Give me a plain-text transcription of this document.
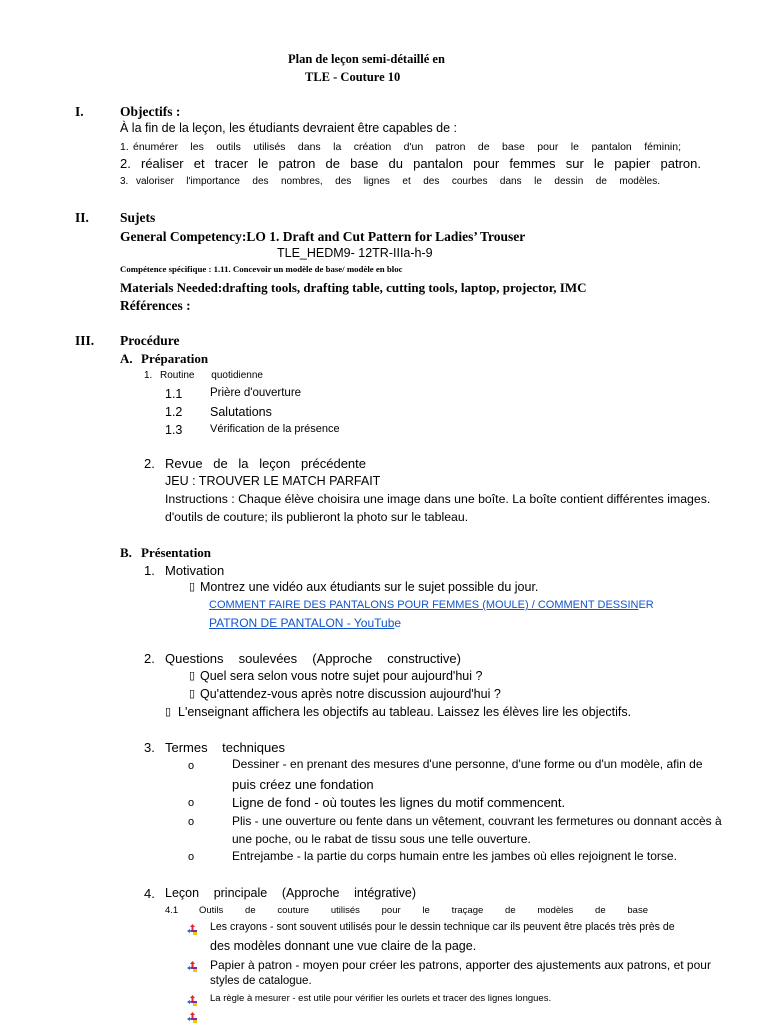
Plan de leçon semi-détaillé en
TLE - Couture 10
I.	Objectifs :
À la fin de la leçon, les étudiants devraient être capables de :
1. énumérer les outils utilisés dans la création d'un patron de base pour le pantalon féminin;
2. réaliser et tracer le patron de base du pantalon pour femmes sur le papier patron.
3. valoriser l'importance des nombres, des lignes et des courbes dans le dessin de modèles.
II. Sujets
General Competency:LO 1. Draft and Cut Pattern for Ladies’ Trouser
TLE_HEDM9- 12TR-IIIa-h-9
Compétence spécifique : 1.11. Concevoir un modèle de base/ modèle en bloc
Materials Needed:drafting tools, drafting table, cutting tools, laptop, projector, IMC
Références :
III. Procédure
A. Préparation
1. Routine quotidienne
1.1 Prière d'ouverture
1.2 Salutations
1.3	Vérification de la présence
2. Revue de la leçon précédente
JEU : TROUVER LE MATCH PARFAIT
Instructions : Chaque élève choisira une image dans une boîte. La boîte contient différentes images.
d'outils de couture; ils publieront la photo sur le tableau.
B. Présentation
1. Motivation
▯ Montrez une vidéo aux étudiants sur le sujet possible du jour.
COMMENT FAIRE DES PANTALONS POUR FEMMES (MOULE) / COMMENT DESSINER
PATRON DE PANTALON - YouTube
2. Questions soulevées (Approche constructive)
▯ Quel sera selon vous notre sujet pour aujourd'hui ?
▯ Qu'attendez-vous après notre discussion aujourd'hui ?
▯ L'enseignant affichera les objectifs au tableau. Laissez les élèves lire les objectifs.
3. Termes techniques
o	Dessiner - en prenant des mesures d'une personne, d'une forme ou d'un modèle, afin de
puis créez une fondation
o	Ligne de fond - où toutes les lignes du motif commencent.
o	Plis - une ouverture ou fente dans un vêtement, couvrant les fermetures ou donnant accès à
une poche, ou le rabat de tissu sous une telle ouverture.
o	Entrejambe - la partie du corps humain entre les jambes où elles rejoignent le torse.
4. Leçon principale (Approche intégrative)
4.1 Outils de couture utilisés pour le traçage de modèles de base
Les crayons - sont souvent utilisés pour le dessin technique car ils peuvent être placés très près de
des modèles donnant une vue claire de la page.
Papier à patron - moyen pour créer les patrons, apporter des ajustements aux patrons, et pour
styles de catalogue.
La règle à mesurer - est utile pour vérifier les ourlets et tracer des lignes longues.
